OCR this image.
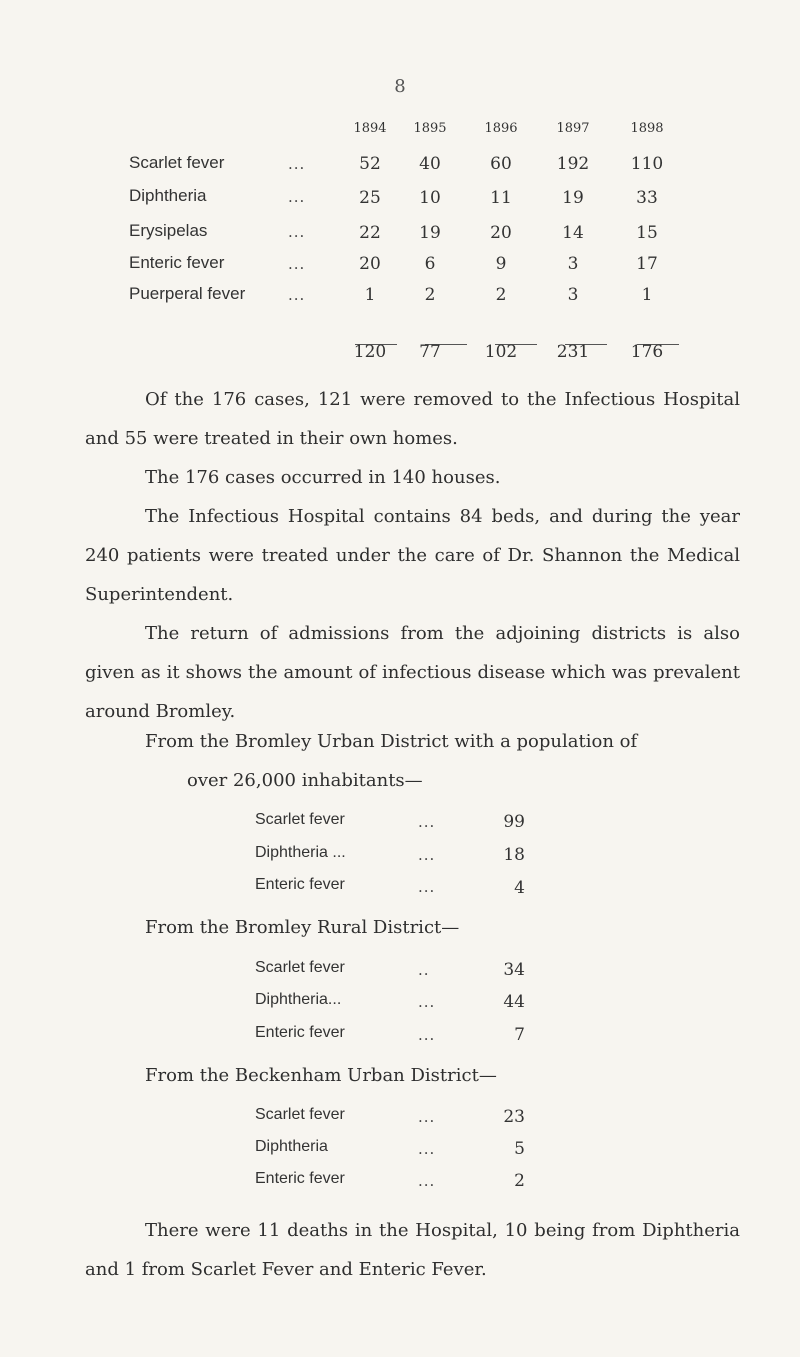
8
1894	1895	1896	1897	1898
Scarlet fever	...	52	40	60	192	110
Diphtheria	...	25	10	11	19	33
Erysipelas	...	22	19	20	14	15
Enteric fever	...	20	6	9	3	17
Puerperal fever	...	1	2	2	3	1
120	77	102	231	176

Of the 176 cases, 121 were removed to the Infectious Hospital and 55 were treated in their own homes.

The 176 cases occurred in 140 houses.

The Infectious Hospital contains 84 beds, and during the year 240 patients were treated under the care of Dr. Shannon the Medical Superintendent.

The return of admissions from the adjoining districts is also given as it shows the amount of infectious disease which was prevalent around Bromley.

From the Bromley Urban District with a population of
over 26,000 inhabitants—
Scarlet fever	...	99
Diphtheria ...	...	18
Enteric fever	...	4
From the Bromley Rural District—
Scarlet fever	..	34
Diphtheria...	...	44
Enteric fever	...	7
From the Beckenham Urban District—
Scarlet fever	...	23
Diphtheria	...	5
Enteric fever	...	2

There were 11 deaths in the Hospital, 10 being from Diphtheria and 1 from Scarlet Fever and Enteric Fever.
